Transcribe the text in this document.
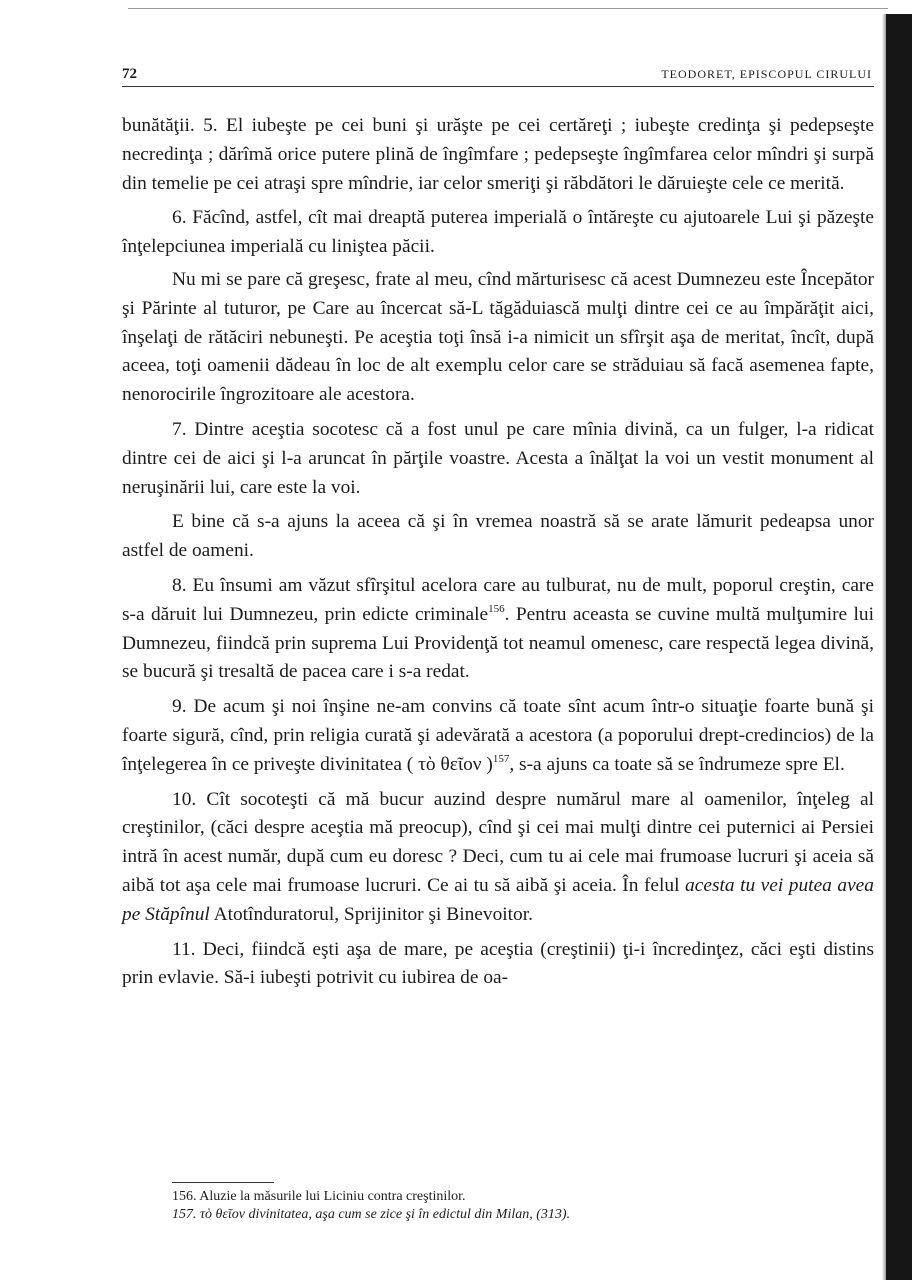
72	TEODORET, EPISCOPUL CIRULUI

bunătăţii. 5. El iubeşte pe cei buni şi urăşte pe cei certăreţi ; iubeşte credinţa şi pedepseşte necredinţa ; dărîmă orice putere plină de îngîmfare ; pedepseşte îngîmfarea celor mîndri şi surpă din temelie pe cei atraşi spre mîndrie, iar celor smeriţi şi răbdători le dăruieşte cele ce merită.

6. Făcînd, astfel, cît mai dreaptă puterea imperială o întăreşte cu ajutoarele Lui şi păzeşte înţelepciunea imperială cu liniştea păcii.

Nu mi se pare că greşesc, frate al meu, cînd mărturisesc că acest Dumnezeu este Începător şi Părinte al tuturor, pe Care au încercat să-L tăgăduiască mulţi dintre cei ce au împărăţit aici, înşelaţi de rătăciri nebuneşti. Pe aceştia toţi însă i-a nimicit un sfîrşit aşa de meritat, încît, după aceea, toţi oamenii dădeau în loc de alt exemplu celor care se străduiau să facă asemenea fapte, nenorocirile îngrozitoare ale acestora.

7. Dintre aceştia socotesc că a fost unul pe care mînia divină, ca un fulger, l-a ridicat dintre cei de aici şi l-a aruncat în părţile voastre. Acesta a înălţat la voi un vestit monument al neruşinării lui, care este la voi.

E bine că s-a ajuns la aceea că şi în vremea noastră să se arate lămurit pedeapsa unor astfel de oameni.

8. Eu însumi am văzut sfîrşitul acelora care au tulburat, nu de mult, poporul creştin, care s-a dăruit lui Dumnezeu, prin edicte criminale$^{156}$. Pentru aceasta se cuvine multă mulţumire lui Dumnezeu, fiindcă prin suprema Lui Providenţă tot neamul omenesc, care respectă legea divină, se bucură şi tresaltă de pacea care i s-a redat.

9. De acum şi noi înşine ne-am convins că toate sînt acum într-o situaţie foarte bună şi foarte sigură, cînd, prin religia curată şi adevărată a acestora (a poporului drept-credincios) de la înţelegerea în ce priveşte divinitatea ( τὸ θεῖον )$^{157}$, s-a ajuns ca toate să se îndrumeze spre El.

10. Cît socoteşti că mă bucur auzind despre numărul mare al oamenilor, înţeleg al creştinilor, (căci despre aceştia mă preocup), cînd şi cei mai mulţi dintre cei puternici ai Persiei intră în acest număr, după cum eu doresc ? Deci, cum tu ai cele mai frumoase lucruri şi aceia să aibă tot aşa cele mai frumoase lucruri. Ce ai tu să aibă şi aceia. În felul acesta tu vei putea avea pe Stăpînul Atotînduratorul, Sprijinitor şi Binevoitor.

11. Deci, fiindcă eşti aşa de mare, pe aceştia (creştinii) ţi-i încredinţez, căci eşti distins prin evlavie. Să-i iubeşti potrivit cu iubirea de oa-

156. Aluzie la măsurile lui Liciniu contra creştinilor.
157. τὸ θεῖον divinitatea, aşa cum se zice şi în edictul din Milan, (313).
